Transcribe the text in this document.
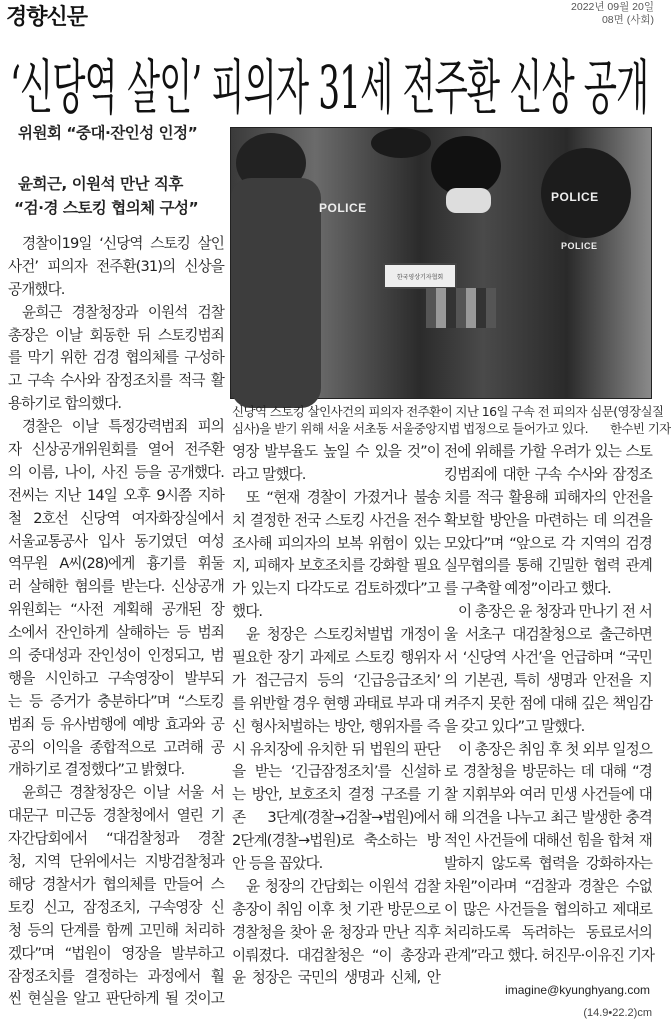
경향신문	2022년 09월 20일
08면 (사회)
‘신당역 살인’ 피의자 31세 전주환 신상 공개
위원회 “중대·잔인성 인정”
윤희근, 이원석 만난 직후
“검·경 스토킹 협의체 구성”	POLICE
POLICE
POLICE
한국영상기자협회
신당역 스토킹 살인사건의 피의자 전주환이 지난 16일 구속 전 피의자 심문(영장실질
심사)을 받기 위해 서울 서초동 서울중앙지법 법정으로 들어가고 있다. 한수빈 기자
경찰이19일 ‘신당역 스토킹 살인
사건’ 피의자 전주환(31)의 신상을
공개했다.
윤희근 경찰청장과 이원석 검찰
총장은 이날 회동한 뒤 스토킹범죄
를 막기 위한 검경 협의체를 구성하
고 구속 수사와 잠정조치를 적극 활
용하기로 합의했다.
경찰은 이날 특정강력범죄 피의
자 신상공개위원회를 열어 전주환
의 이름, 나이, 사진 등을 공개했다.
전씨는 지난 14일 오후 9시쯤 지하
철 2호선 신당역 여자화장실에서
서울교통공사 입사 동기였던 여성
역무원 A씨(28)에게 흉기를 휘둘
러 살해한 혐의를 받는다. 신상공개
위원회는 “사전 계획해 공개된 장
소에서 잔인하게 살해하는 등 범죄
의 중대성과 잔인성이 인정되고, 범
행을 시인하고 구속영장이 발부되
는 등 증거가 충분하다”며 “스토킹
범죄 등 유사범행에 예방 효과와 공
공의 이익을 종합적으로 고려해 공
개하기로 결정했다”고 밝혔다.
윤희근 경찰청장은 이날 서울 서
대문구 미근동 경찰청에서 열린 기
자간담회에서 “대검찰청과 경찰
청, 지역 단위에서는 지방검찰청과
해당 경찰서가 협의체를 만들어 스
토킹 신고, 잠정조치, 구속영장 신
청 등의 단계를 함께 고민해 처리하
겠다”며 “법원이 영장을 발부하고
잠정조치를 결정하는 과정에서 훨
씬 현실을 알고 판단하게 될 것이고
영장 발부율도 높일 수 있을 것”이
라고 말했다.
또 “현재 경찰이 가졌거나 불송
치 결정한 전국 스토킹 사건을 전수
조사해 피의자의 보복 위험이 있는
지, 피해자 보호조치를 강화할 필요
가 있는지 다각도로 검토하겠다”고
했다.
윤 청장은 스토킹처벌법 개정이
필요한 장기 과제로 스토킹 행위자
가 접근금지 등의 ‘긴급응급조치’
를 위반할 경우 현행 과태료 부과 대
신 형사처벌하는 방안, 행위자를 즉
시 유치장에 유치한 뒤 법원의 판단
을 받는 ‘긴급잠정조치’를 신설하
는 방안, 보호조치 결정 구조를 기
존 3단계(경찰→검찰→법원)에서
2단계(경찰→법원)로 축소하는 방
안 등을 꼽았다.
윤 청장의 간담회는 이원석 검찰
총장이 취임 이후 첫 기관 방문으로
경찰청을 찾아 윤 청장과 만난 직후
이뤄졌다. 대검찰청은 “이 총장과
윤 청장은 국민의 생명과 신체, 안
전에 위해를 가할 우려가 있는 스토
킹범죄에 대한 구속 수사와 잠정조
치를 적극 활용해 피해자의 안전을
확보할 방안을 마련하는 데 의견을
모았다”며 “앞으로 각 지역의 검경
실무협의를 통해 긴밀한 협력 관계
를 구축할 예정”이라고 했다.
이 총장은 윤 청장과 만나기 전 서
울 서초구 대검찰청으로 출근하면
서 ‘신당역 사건’을 언급하며 “국민
의 기본권, 특히 생명과 안전을 지
켜주지 못한 점에 대해 깊은 책임감
을 갖고 있다”고 말했다.
이 총장은 취임 후 첫 외부 일정으
로 경찰청을 방문하는 데 대해 “경
찰 지휘부와 여러 민생 사건들에 대
해 의견을 나누고 최근 발생한 충격
적인 사건들에 대해선 힘을 합쳐 재
발하지 않도록 협력을 강화하자는
차원”이라며 “검찰과 경찰은 수없
이 많은 사건들을 협의하고 제대로
처리하도록 독려하는 동료로서의
관계”라고 했다. 허진무·이유진 기자
imagine@kyunghyang.com
(14.9•22.2)cm
